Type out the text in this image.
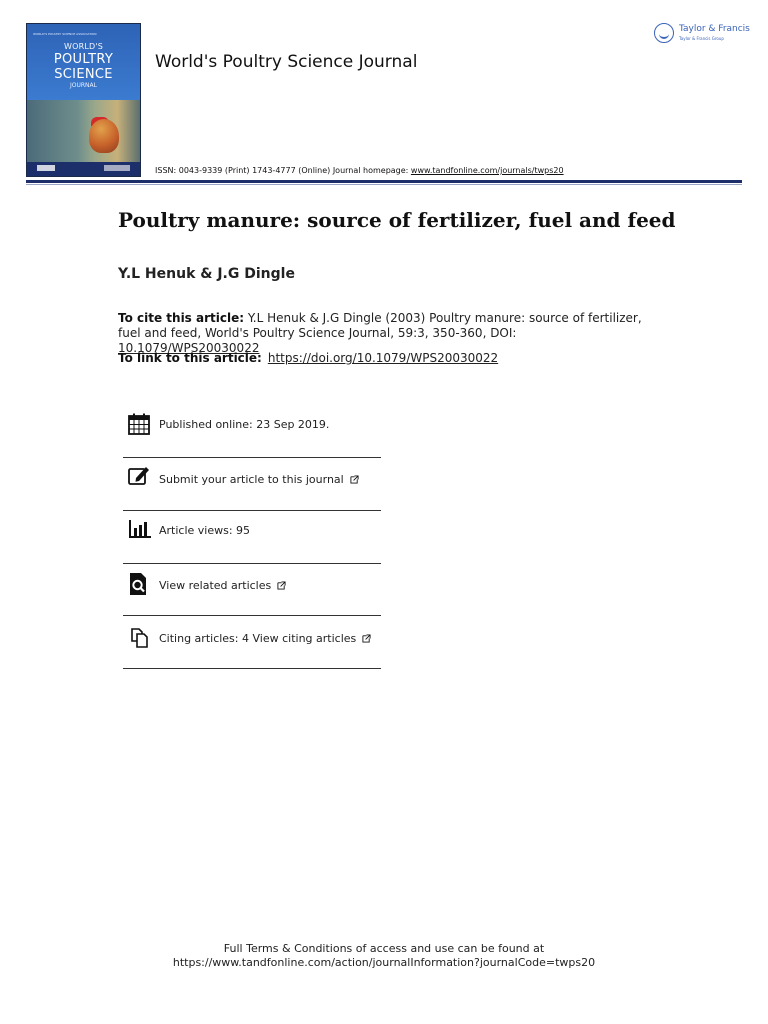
WORLD'S POULTRY SCIENCE ASSOCIATION
WORLD'S
POULTRY
SCIENCE
JOURNAL
World's Poultry Science Journal
Taylor & Francis
Taylor & Francis Group
ISSN: 0043-9339 (Print) 1743-4777 (Online) Journal homepage: www.tandfonline.com/journals/twps20
Poultry manure: source of fertilizer, fuel and feed
Y.L Henuk & J.G Dingle
To cite this article: Y.L Henuk & J.G Dingle (2003) Poultry manure: source of fertilizer, fuel and feed, World's Poultry Science Journal, 59:3, 350-360, DOI: 10.1079/WPS20030022
To link to this article: https://doi.org/10.1079/WPS20030022
Published online: 23 Sep 2019.
Submit your article to this journal
Article views: 95
View related articles
Citing articles: 4 View citing articles
Full Terms & Conditions of access and use can be found at
https://www.tandfonline.com/action/journalInformation?journalCode=twps20
